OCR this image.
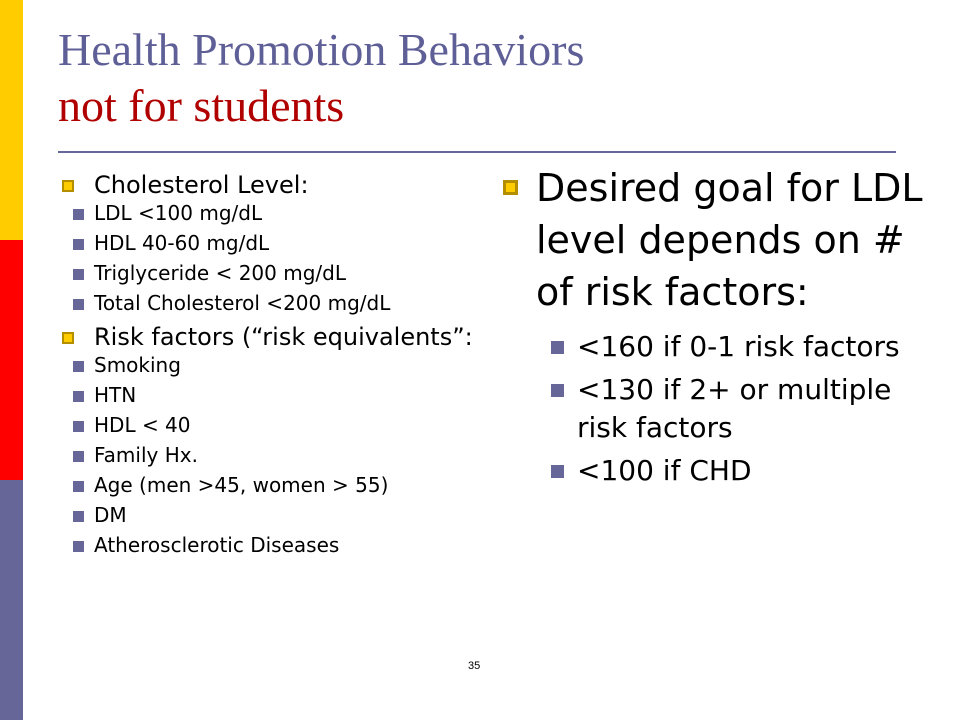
Health Promotion Behaviors
not for students
Cholesterol Level:
LDL <100 mg/dL
HDL 40-60 mg/dL
Triglyceride < 200 mg/dL
Total Cholesterol <200 mg/dL
Risk factors (“risk equivalents”:
Smoking
HTN
HDL < 40
Family Hx.
Age (men >45, women > 55)
DM
Atherosclerotic Diseases
Desired goal for LDL level depends on # of risk factors:
<160 if 0-1 risk factors
<130 if 2+ or multiple risk factors
<100 if CHD
35
